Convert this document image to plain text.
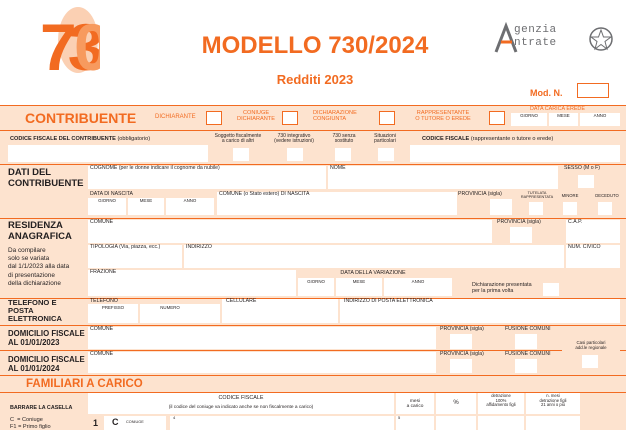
73
0	MODELLO 730/2024
Redditi 2023
genzia
ntrate
Mod. N.
CONTRIBUENTE	DICHIARANTE
CONIUGE
DICHIARANTE
DICHIARAZIONE
CONGIUNTA
RAPPRESENTANTE
O TUTORE O EREDE
DATA CARICA EREDE
GIORNO	MESE	ANNO
CODICE FISCALE DEL CONTRIBUENTE (obbligatorio)	Soggetto fiscalmente
a carico di altri
730 integrativo
(vedere istruzioni)
730 senza
sostituto
Situazioni
particolari	CODICE FISCALE (rappresentante o tutore o erede)
DATI DEL
CONTRIBUENTE
COGNOME (per le donne indicare il cognome da nubile)	NOME	SESSO (M o F)
DATA DI NASCITA
GIORNO	MESE	ANNO
COMUNE (o Stato estero) DI NASCITA	PROVINCIA (sigla)	TUTELATA
RAPPRESENTATA	MINORE	DECEDUTO
RESIDENZA
ANAGRAFICA
Da compilare
solo se variata
dal 1/1/2023 alla data
di presentazione
della dichiarazione
COMUNE	PROVINCIA (sigla)	C.A.P.
TIPOLOGIA (Via, piazza, ecc.)	INDIRIZZO	NUM. CIVICO
FRAZIONE	DATA DELLA VARIAZIONE
GIORNO	MESE	ANNO
Dichiarazione presentata
per la prima volta
TELEFONO E
POSTA
ELETTRONICA
TELEFONO
PREFISSO	NUMERO
CELLULARE	INDIRIZZO DI POSTA ELETTRONICA
DOMICILIO FISCALE
AL 01/01/2023
COMUNE	PROVINCIA (sigla)	FUSIONE COMUNI
DOMICILIO FISCALE
AL 01/01/2024
COMUNE	PROVINCIA (sigla)	FUSIONE COMUNI
Casi particolari
add.le regionale
FAMILIARI A CARICO
CODICE FISCALE
(il codice del coniuge va indicato anche se non fiscalmente a carico)
mesi
a carico
%
detrazione
100%
affidamento figli
n. mesi
detrazione figli
21 anni o più
BARRARE LA CASELLA
C  = Coniuge
F1 = Primo figlio	1 C CONIUGE
4	5
